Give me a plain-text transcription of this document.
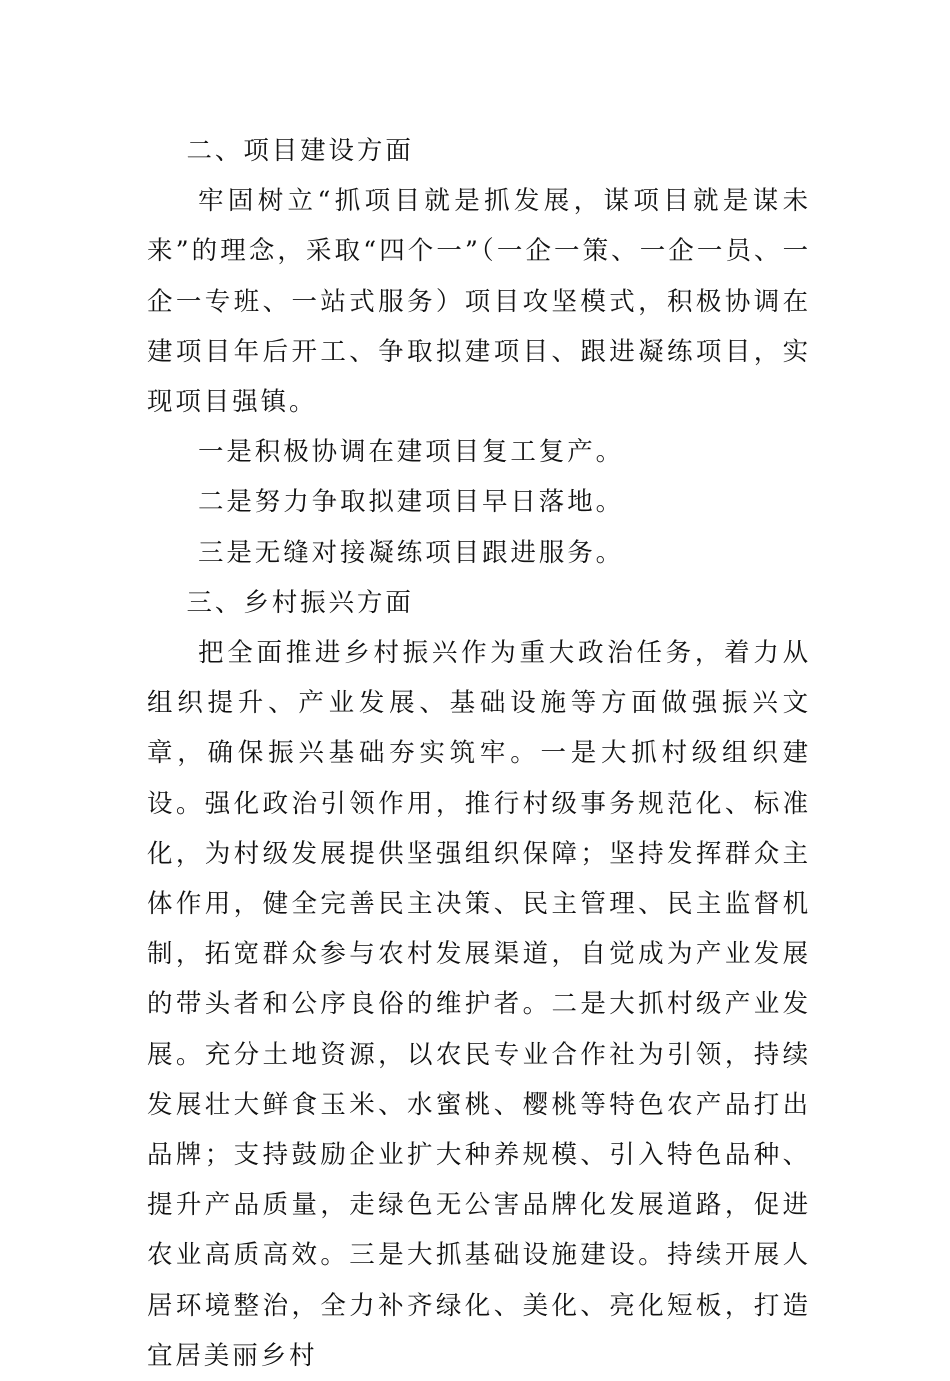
二、项目建设方面

牢固树立“抓项目就是抓发展，谋项目就是谋未来”的理念，采取“四个一”（一企一策、一企一员、一企一专班、一站式服务）项目攻坚模式，积极协调在建项目年后开工、争取拟建项目、跟进凝练项目，实现项目强镇。

一是积极协调在建项目复工复产。

二是努力争取拟建项目早日落地。

三是无缝对接凝练项目跟进服务。

三、乡村振兴方面

把全面推进乡村振兴作为重大政治任务，着力从组织提升、产业发展、基础设施等方面做强振兴文章，确保振兴基础夯实筑牢。一是大抓村级组织建设。强化政治引领作用，推行村级事务规范化、标准化，为村级发展提供坚强组织保障；坚持发挥群众主体作用，健全完善民主决策、民主管理、民主监督机制，拓宽群众参与农村发展渠道，自觉成为产业发展的带头者和公序良俗的维护者。二是大抓村级产业发展。充分土地资源，以农民专业合作社为引领，持续发展壮大鲜食玉米、水蜜桃、樱桃等特色农产品打出品牌；支持鼓励企业扩大种养规模、引入特色品种、提升产品质量，走绿色无公害品牌化发展道路，促进农业高质高效。三是大抓基础设施建设。持续开展人居环境整治，全力补齐绿化、美化、亮化短板，打造宜居美丽乡村
